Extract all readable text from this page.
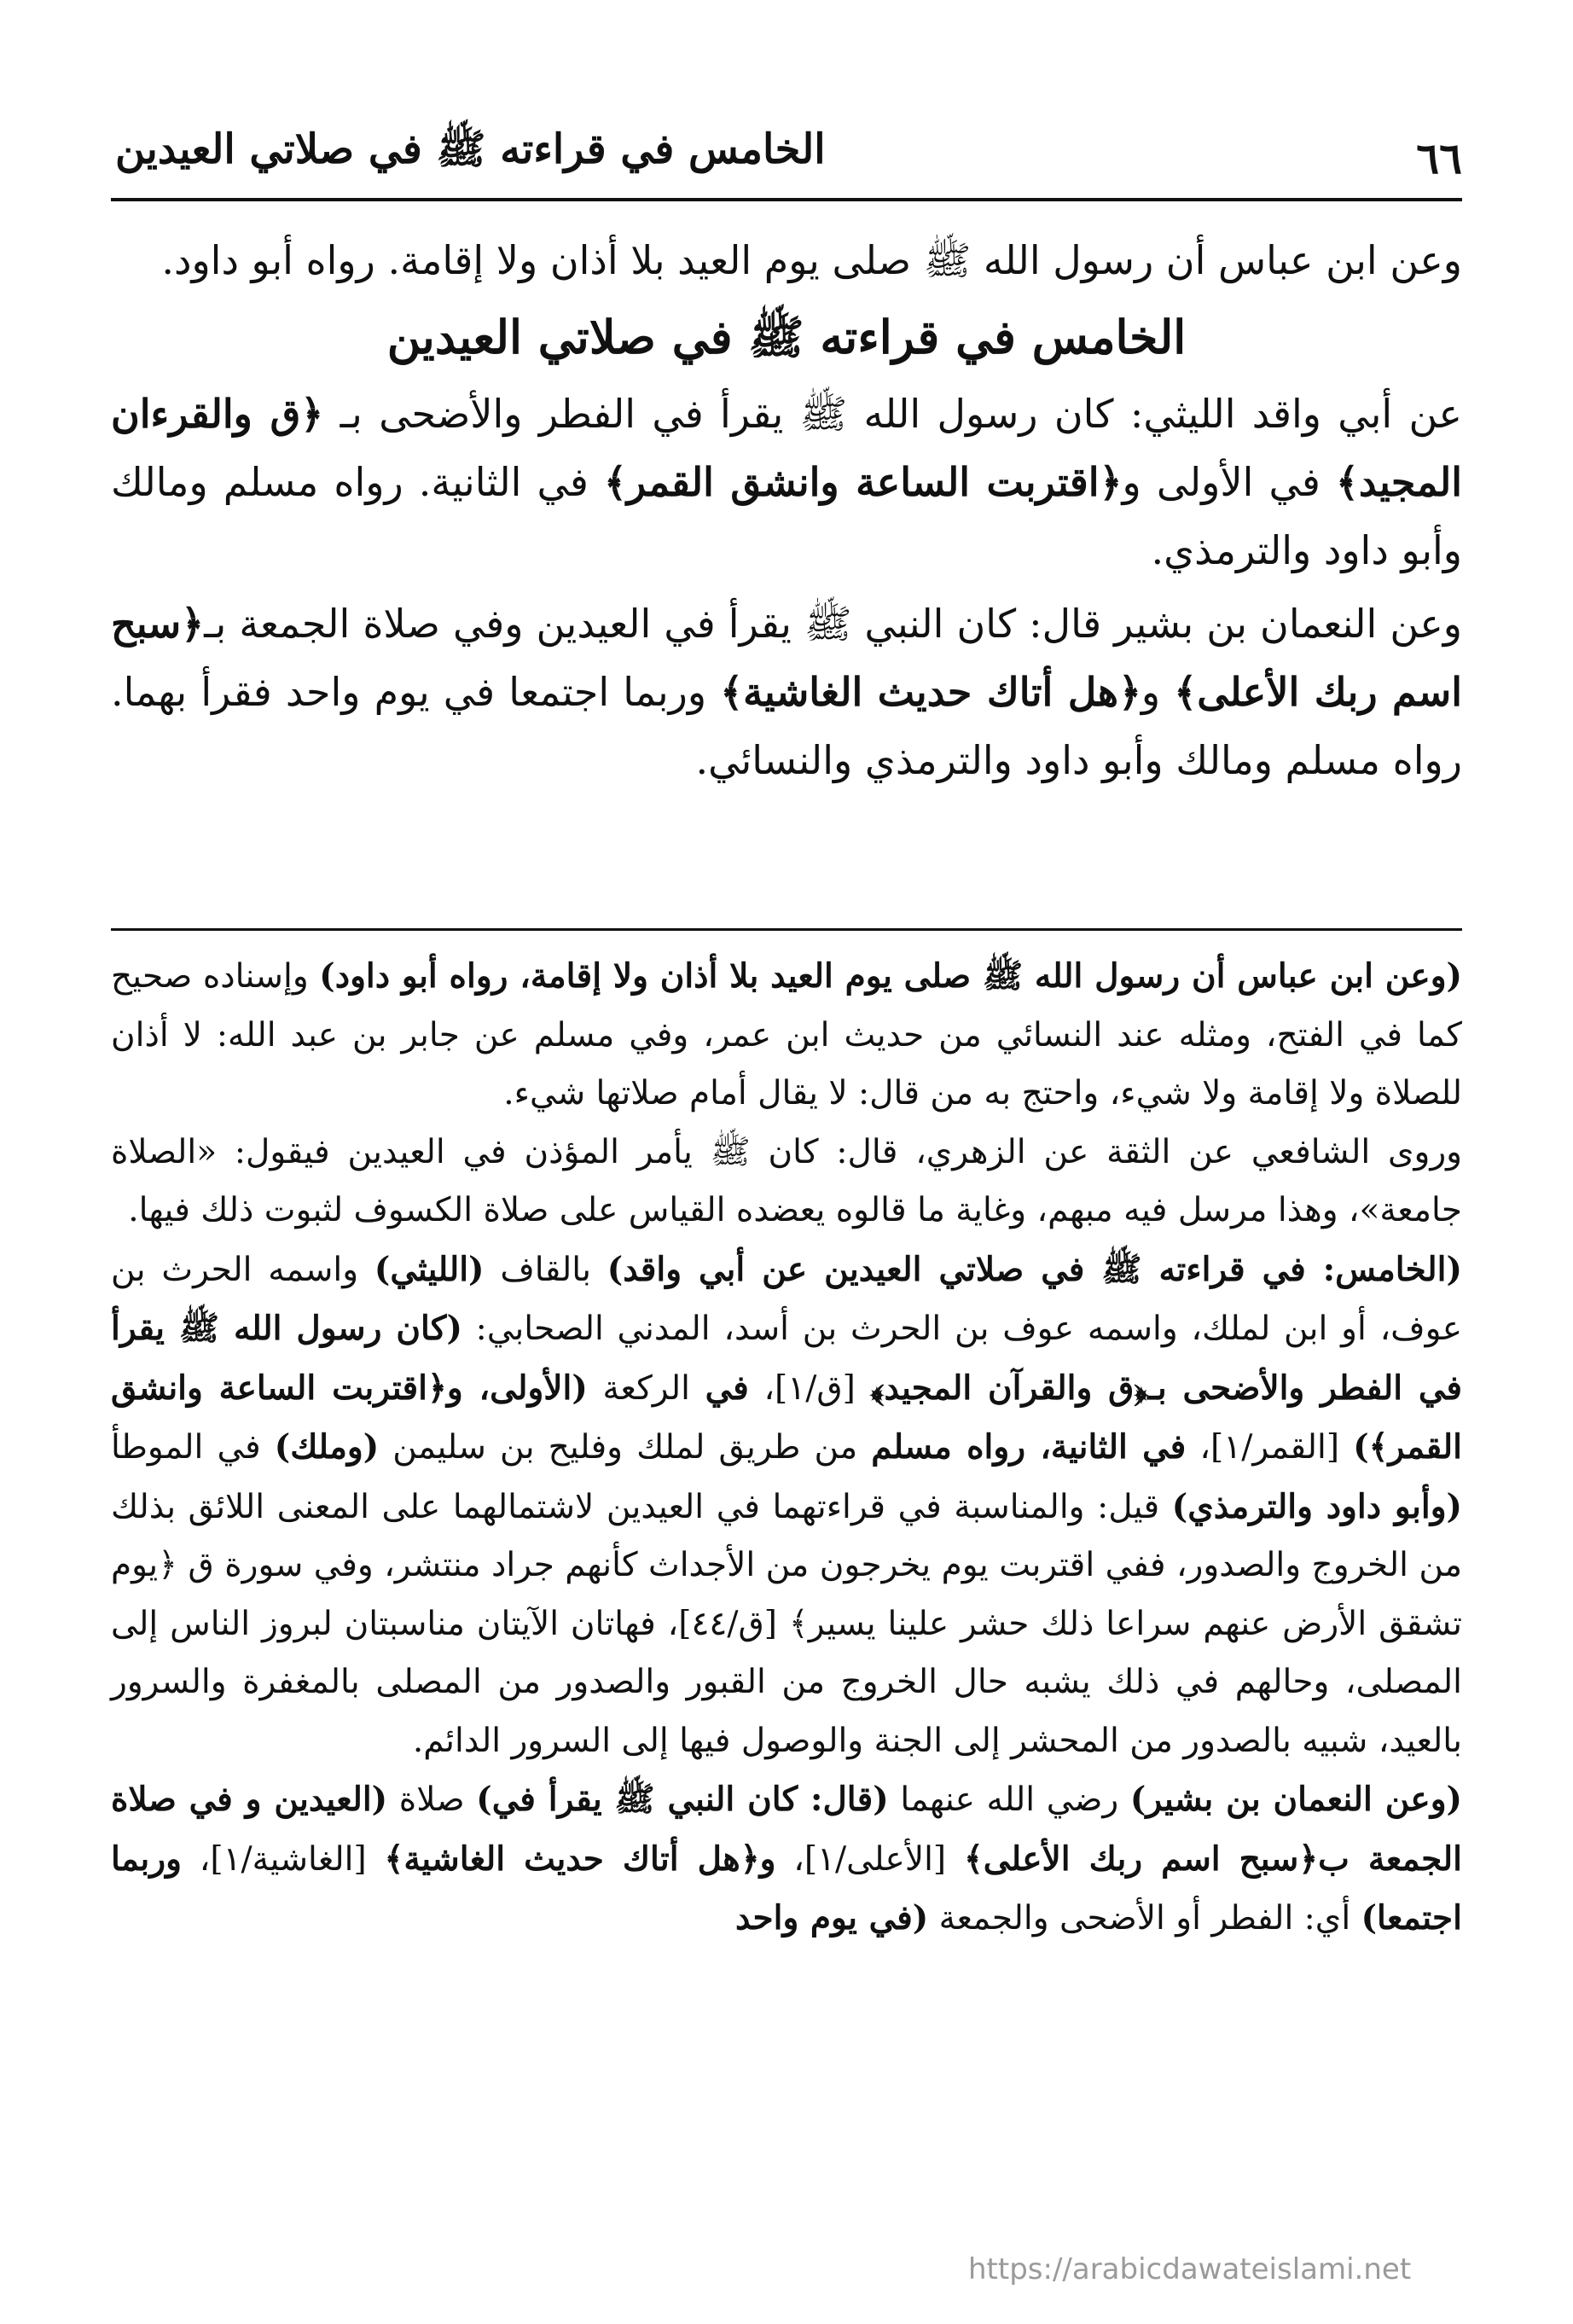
٦٦
الخامس في قراءته ﷺ في صلاتي العيدين

وعن ابن عباس أن رسول الله ﷺ صلى يوم العيد بلا أذان ولا إقامة. رواه أبو داود.

الخامس في قراءته ﷺ في صلاتي العيدين

عن أبي واقد الليثي: كان رسول الله ﷺ يقرأ في الفطر والأضحى بـ ﴿ق والقرءان المجيد﴾ في الأولى و﴿اقتربت الساعة وانشق القمر﴾ في الثانية. رواه مسلم ومالك وأبو داود والترمذي.

وعن النعمان بن بشير قال: كان النبي ﷺ يقرأ في العيدين وفي صلاة الجمعة بـ﴿سبح اسم ربك الأعلى﴾ و﴿هل أتاك حديث الغاشية﴾ وربما اجتمعا في يوم واحد فقرأ بهما. رواه مسلم ومالك وأبو داود والترمذي والنسائي.

(وعن ابن عباس أن رسول الله ﷺ صلى يوم العيد بلا أذان ولا إقامة، رواه أبو داود) وإسناده صحيح كما في الفتح، ومثله عند النسائي من حديث ابن عمر، وفي مسلم عن جابر بن عبد الله: لا أذان للصلاة ولا إقامة ولا شيء، واحتج به من قال: لا يقال أمام صلاتها شيء.

وروى الشافعي عن الثقة عن الزهري، قال: كان ﷺ يأمر المؤذن في العيدين فيقول: «الصلاة جامعة»، وهذا مرسل فيه مبهم، وغاية ما قالوه يعضده القياس على صلاة الكسوف لثبوت ذلك فيها.

(الخامس: في قراءته ﷺ في صلاتي العيدين عن أبي واقد) بالقاف (الليثي) واسمه الحرث بن عوف، أو ابن لملك، واسمه عوف بن الحرث بن أسد، المدني الصحابي: (كان رسول الله ﷺ يقرأ في الفطر والأضحى بـ﴿ق والقرآن المجيد﴾ [ق/١]، في الركعة (الأولى، و﴿اقتربت الساعة وانشق القمر﴾) [القمر/١]، في الثانية، رواه مسلم من طريق لملك وفليح بن سليمن (وملك) في الموطأ (وأبو داود والترمذي) قيل: والمناسبة في قراءتهما في العيدين لاشتمالهما على المعنى اللائق بذلك من الخروج والصدور، ففي اقتربت يوم يخرجون من الأجداث كأنهم جراد منتشر، وفي سورة ق ﴿يوم تشقق الأرض عنهم سراعا ذلك حشر علينا يسير﴾ [ق/٤٤]، فهاتان الآيتان مناسبتان لبروز الناس إلى المصلى، وحالهم في ذلك يشبه حال الخروج من القبور والصدور من المصلى بالمغفرة والسرور بالعيد، شبيه بالصدور من المحشر إلى الجنة والوصول فيها إلى السرور الدائم.

(وعن النعمان بن بشير) رضي الله عنهما (قال: كان النبي ﷺ يقرأ في) صلاة (العيدين و في صلاة الجمعة ب﴿سبح اسم ربك الأعلى﴾ [الأعلى/١]، و﴿هل أتاك حديث الغاشية﴾ [الغاشية/١]، وربما اجتمعا) أي: الفطر أو الأضحى والجمعة (في يوم واحد

https://arabicdawateislami.net
